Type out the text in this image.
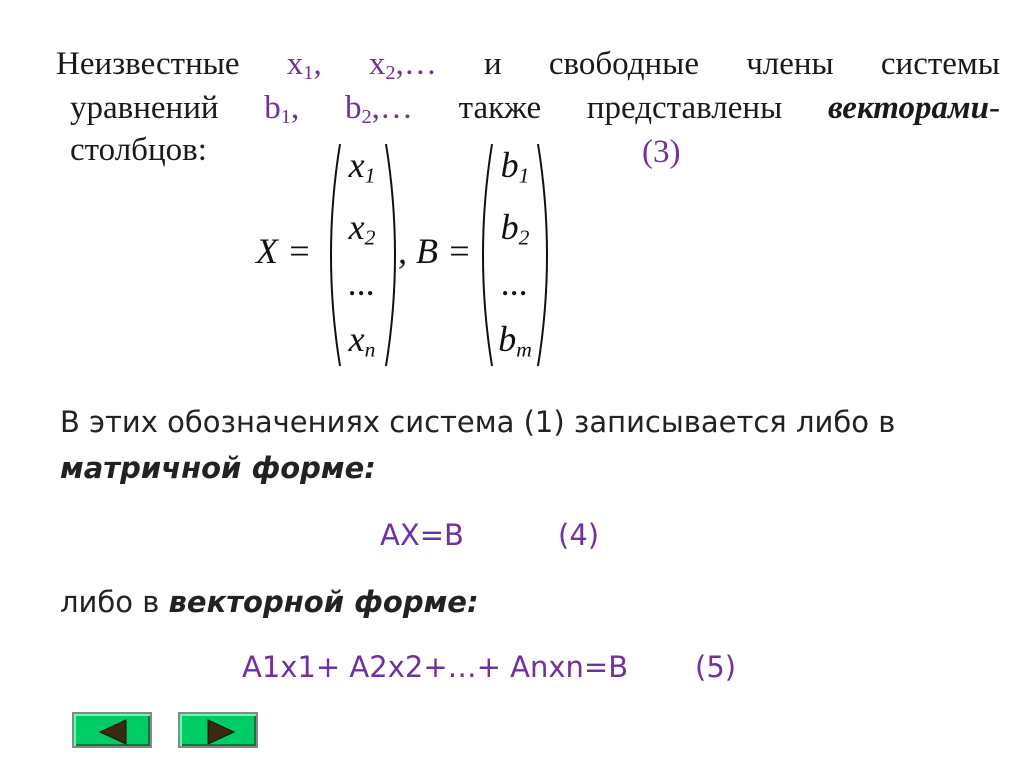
Неизвестные $x_1$, $x_2,\dots$ и свободные члены системы
уравнений $b_1$, $b_2,\dots$ также представлены векторами-
столбцов:	(3)
X =
$x_1$
$x_2$
...
$x_n$
, B =
$b_1$
$b_2$
...
$b_m$
В этих обозначениях система (1) записывается либо в
матричной форме:
AX=B	(4)
либо в векторной форме:
A1x1+ A2x2+…+ Anxn=B (5)
